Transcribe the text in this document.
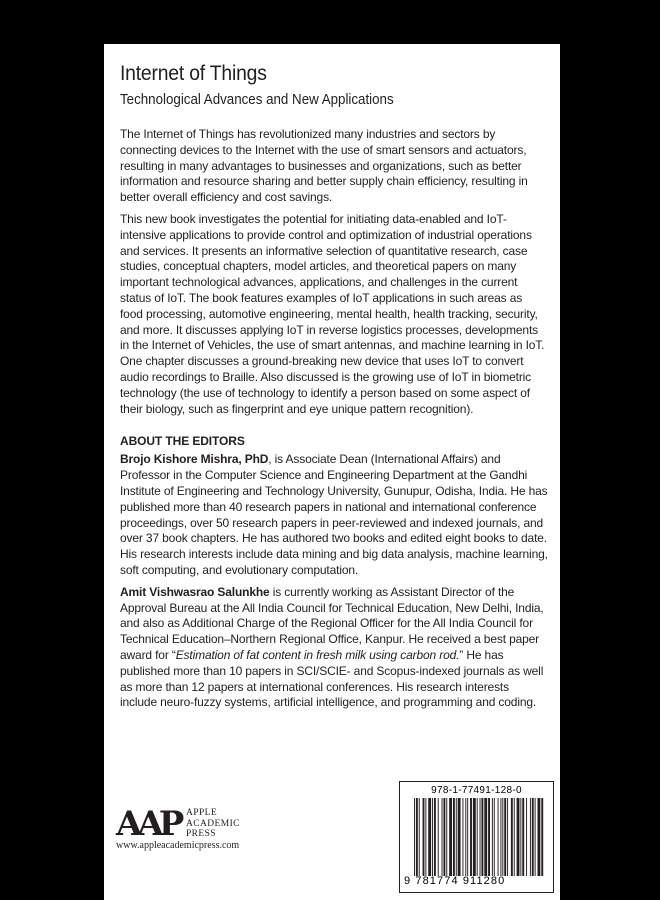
Internet of Things
Technological Advances and New Applications

The Internet of Things has revolutionized many industries and sectors by connecting devices to the Internet with the use of smart sensors and actuators, resulting in many advantages to businesses and organizations, such as better information and resource sharing and better supply chain efficiency, resulting in better overall efficiency and cost savings.

This new book investigates the potential for initiating data-enabled and IoT-intensive applications to provide control and optimization of industrial operations and services. It presents an informative selection of quantitative research, case studies, conceptual chapters, model articles, and theoretical papers on many important technological advances, applications, and challenges in the current status of IoT. The book features examples of IoT applications in such areas as food processing, automotive engineering, mental health, health tracking, security, and more. It discusses applying IoT in reverse logistics processes, developments in the Internet of Vehicles, the use of smart antennas, and machine learning in IoT. One chapter discusses a ground-breaking new device that uses IoT to convert audio recordings to Braille. Also discussed is the growing use of IoT in biometric technology (the use of technology to identify a person based on some aspect of their biology, such as fingerprint and eye unique pattern recognition).

ABOUT THE EDITORS

Brojo Kishore Mishra, PhD, is Associate Dean (International Affairs) and Professor in the Computer Science and Engineering Department at the Gandhi Institute of Engineering and Technology University, Gunupur, Odisha, India. He has published more than 40 research papers in national and international conference proceedings, over 50 research papers in peer-reviewed and indexed journals, and over 37 book chapters. He has authored two books and edited eight books to date. His research interests include data mining and big data analysis, machine learning, soft computing, and evolutionary computation.

Amit Vishwasrao Salunkhe is currently working as Assistant Director of the Approval Bureau at the All India Council for Technical Education, New Delhi, India, and also as Additional Charge of the Regional Officer for the All India Council for Technical Education–Northern Regional Office, Kanpur. He received a best paper award for “Estimation of fat content in fresh milk using carbon rod.” He has published more than 10 papers in SCI/SCIE- and Scopus-indexed journals as well as more than 12 papers at international conferences. His research interests include neuro-fuzzy systems, artificial intelligence, and programming and coding.

AAP APPLE
ACADEMIC
PRESS
www.appleacademicpress.com
978-1-77491-128-0
9 781774 911280
